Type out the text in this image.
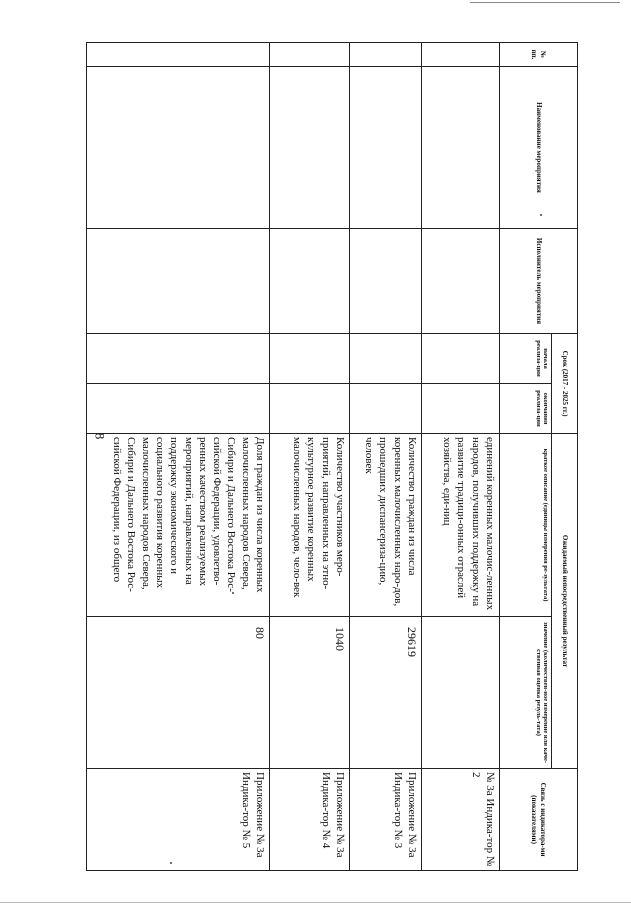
8
№ пп.	Наименование мероприятия	Исполнитель мероприятия	Срок (2017 - 2025 гг.)		Ожидаемый непосредственный результат		Связь с индикатора-ми (показателями)
			начала реализа-ции	окончания реализа-ции	краткое описание (единицы измерения ре-зультата)	значение (количествен-ное измерение или каче-ственная оценка резуль-тата)	
					единений коренных малочис-ленных народов, получивших поддержку на развитие традици-онных отраслей хозяйства, еди-ниц		№ 3а Индика-тор № 2
					Количество граждан из числа коренных малочисленных наро-дов, прошедших диспансериза-цию, человек	29619	Приложение № 3а Индика-тор № 3
					Количество участников меро-приятий, направленных на этно-культурное развитие коренных малочисленных народов, чело-век	1040	Приложение № 3а Индика-тор № 4
					Доля граждан из числа коренных малочисленных народов Севера, Сибири и Дальнего Востока Рос-сийской Федерации, удовлетво-ренных качеством реализуемых мероприятий, направленных на поддержку экономического и социального развития коренных малочисленных народов Севера, Сибири и Дальнего Востока Рос-сийской Федерации, из общего	80	Приложение № 3а Индика-тор № 5
